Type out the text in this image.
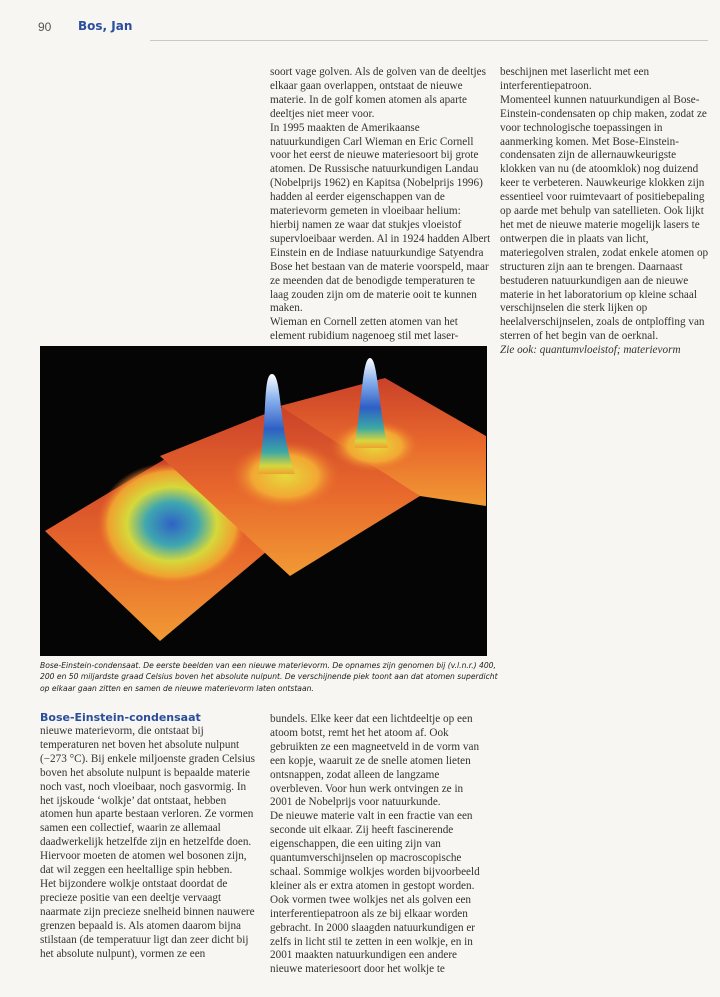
90 Bos, Jan

soort vage golven. Als de golven van de deeltjes elkaar gaan overlappen, ontstaat de nieuwe materie. In de golf komen atomen als aparte deeltjes niet meer voor.

In 1995 maakten de Amerikaanse natuurkundigen Carl Wieman en Eric Cornell voor het eerst de nieuwe materiesoort bij grote atomen. De Russische natuurkundigen Landau (Nobelprijs 1962) en Kapitsa (Nobelprijs 1996) hadden al eerder eigenschappen van de materievorm gemeten in vloeibaar helium: hierbij namen ze waar dat stukjes vloeistof supervloeibaar werden. Al in 1924 hadden Albert Einstein en de Indiase natuurkundige Satyendra Bose het bestaan van de materie voorspeld, maar ze meenden dat de benodigde temperaturen te laag zouden zijn om de materie ooit te kunnen maken.

Wieman en Cornell zetten atomen van het element rubidium nagenoeg stil met laser-

beschijnen met laserlicht met een interferentiepatroon.

Momenteel kunnen natuurkundigen al Bose-Einstein-condensaten op chip maken, zodat ze voor technologische toepassingen in aanmerking komen. Met Bose-Einstein-condensaten zijn de allernauwkeurigste klokken van nu (de atoomklok) nog duizend keer te verbeteren. Nauwkeurige klokken zijn essentieel voor ruimtevaart of positiebepaling op aarde met behulp van satellieten. Ook lijkt het met de nieuwe materie mogelijk lasers te ontwerpen die in plaats van licht, materiegolven stralen, zodat enkele atomen op structuren zijn aan te brengen. Daarnaast bestuderen natuurkundigen aan de nieuwe materie in het laboratorium op kleine schaal verschijnselen die sterk lijken op heelalverschijnselen, zoals de ontploffing van sterren of het begin van de oerknal.

Zie ook: quantumvloeistof; materievorm

Bose-Einstein-condensaat. De eerste beelden van een nieuwe materievorm. De opnames zijn genomen bij (v.l.n.r.) 400, 200 en 50 miljardste graad Celsius boven het absolute nulpunt. De verschijnende piek toont aan dat atomen superdicht op elkaar gaan zitten en samen de nieuwe materievorm laten ontstaan.
Bose-Einstein-condensaat

nieuwe materievorm, die ontstaat bij temperaturen net boven het absolute nulpunt (−273 °C). Bij enkele miljoenste graden Celsius boven het absolute nulpunt is bepaalde materie noch vast, noch vloeibaar, noch gasvormig. In het ijskoude ‘wolkje’ dat ontstaat, hebben atomen hun aparte bestaan verloren. Ze vormen samen een collectief, waarin ze allemaal daadwerkelijk hetzelfde zijn en hetzelfde doen. Hiervoor moeten de atomen wel bosonen zijn, dat wil zeggen een heeltallige spin hebben.

Het bijzondere wolkje ontstaat doordat de precieze positie van een deeltje vervaagt naarmate zijn precieze snelheid binnen nauwere grenzen bepaald is. Als atomen daarom bijna stilstaan (de temperatuur ligt dan zeer dicht bij het absolute nulpunt), vormen ze een

bundels. Elke keer dat een lichtdeeltje op een atoom botst, remt het het atoom af. Ook gebruikten ze een magneetveld in de vorm van een kopje, waaruit ze de snelle atomen lieten ontsnappen, zodat alleen de langzame overbleven. Voor hun werk ontvingen ze in 2001 de Nobelprijs voor natuurkunde.

De nieuwe materie valt in een fractie van een seconde uit elkaar. Zij heeft fascinerende eigenschappen, die een uiting zijn van quantumverschijnselen op macroscopische schaal. Sommige wolkjes worden bijvoorbeeld kleiner als er extra atomen in gestopt worden.

Ook vormen twee wolkjes net als golven een interferentiepatroon als ze bij elkaar worden gebracht. In 2000 slaagden natuurkundigen er zelfs in licht stil te zetten in een wolkje, en in 2001 maakten natuurkundigen een andere nieuwe materiesoort door het wolkje te
